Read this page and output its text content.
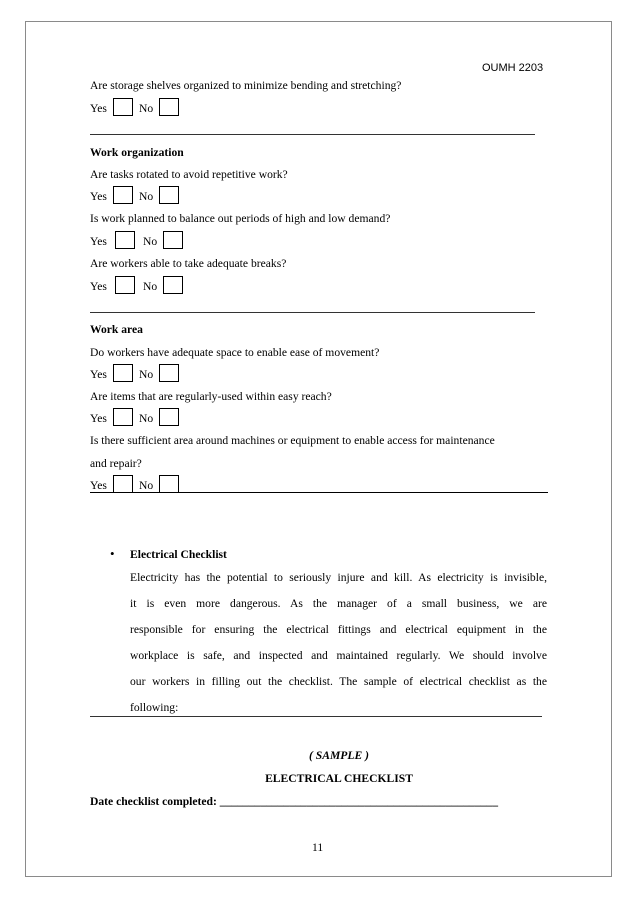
OUMH 2203
Are storage shelves organized to minimize bending and stretching?
Yes	No
Work organization
Are tasks rotated to avoid repetitive work?
Yes	No
Is work planned to balance out periods of high and low demand?
Yes	No
Are workers able to take adequate breaks?
Yes	No
Work area
Do workers have adequate space to enable ease of movement?
Yes	No
Are items that are regularly-used within easy reach?
Yes	No
Is there sufficient area around machines or equipment to enable access for maintenance
and repair?
Yes	No
• Electrical Checklist
Electricity has the potential to seriously injure and kill. As electricity is invisible,
it is even more dangerous. As the manager of a small business, we are
responsible for ensuring the electrical fittings and electrical equipment in the
workplace is safe, and inspected and maintained regularly. We should involve
our workers in filling out the checklist. The sample of electrical checklist as the
following:
( SAMPLE )
ELECTRICAL CHECKLIST
Date checklist completed: ________________________________________________
11
